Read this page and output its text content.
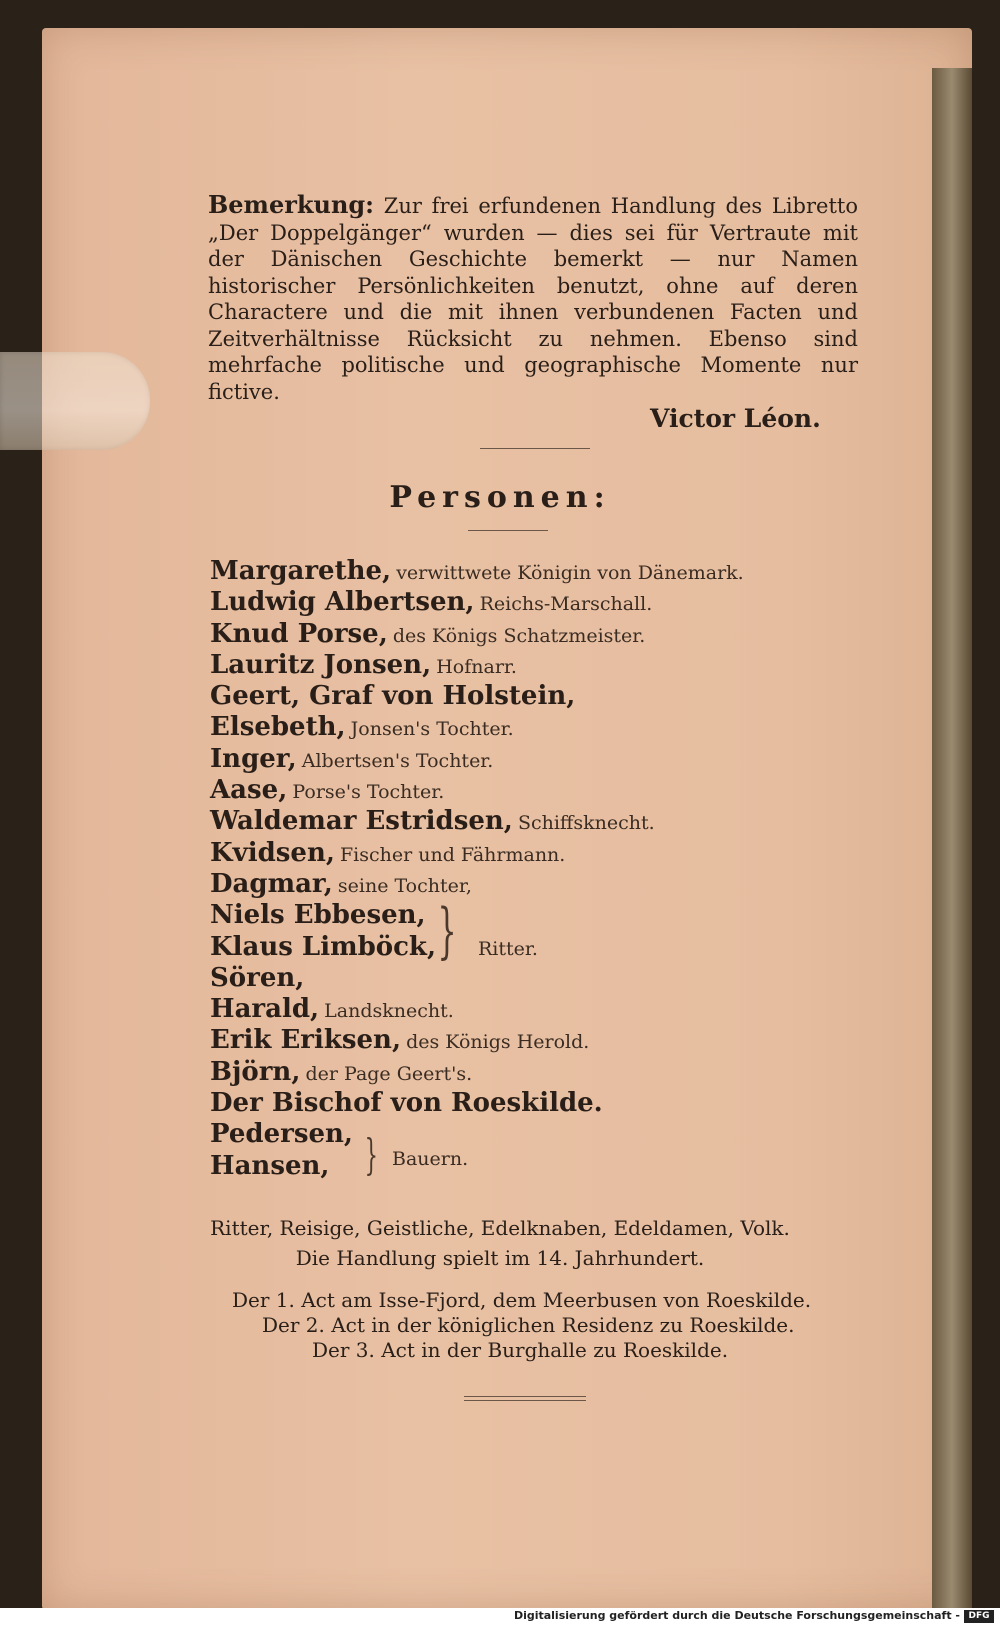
Bemerkung: Zur frei erfundenen Handlung des Libretto „Der Doppelgänger“ wurden — dies sei für Vertraute mit der Dänischen Geschichte bemerkt — nur Namen historischer Persönlichkeiten benutzt, ohne auf deren Charactere und die mit ihnen verbundenen Facten und Zeitverhältnisse Rücksicht zu nehmen. Ebenso sind mehrfache politische und geographische Momente nur fictive.
Victor Léon.
Personen:
Margarethe, verwittwete Königin von Dänemark.
Ludwig Albertsen, Reichs-Marschall.
Knud Porse, des Königs Schatzmeister.
Lauritz Jonsen, Hofnarr.
Geert, Graf von Holstein,
Elsebeth, Jonsen's Tochter.
Inger, Albertsen's Tochter.
Aase, Porse's Tochter.
Waldemar Estridsen, Schiffsknecht.
Kvidsen, Fischer und Fährmann.
Dagmar, seine Tochter,
Niels Ebbesen,
Klaus Limböck,
Sören,
Harald, Landsknecht.
Erik Eriksen, des Königs Herold.
Björn, der Page Geert's.
Der Bischof von Roeskilde.
Pedersen,
Hansen,
} Ritter.
} Bauern.
Ritter, Reisige, Geistliche, Edelknaben, Edeldamen, Volk.
Die Handlung spielt im 14. Jahrhundert.
Der 1. Act am Isse-Fjord, dem Meerbusen von Roeskilde.
Der 2. Act in der königlichen Residenz zu Roeskilde.
Der 3. Act in der Burghalle zu Roeskilde.
Digitalisierung gefördert durch die Deutsche Forschungsgemeinschaft - DFG
